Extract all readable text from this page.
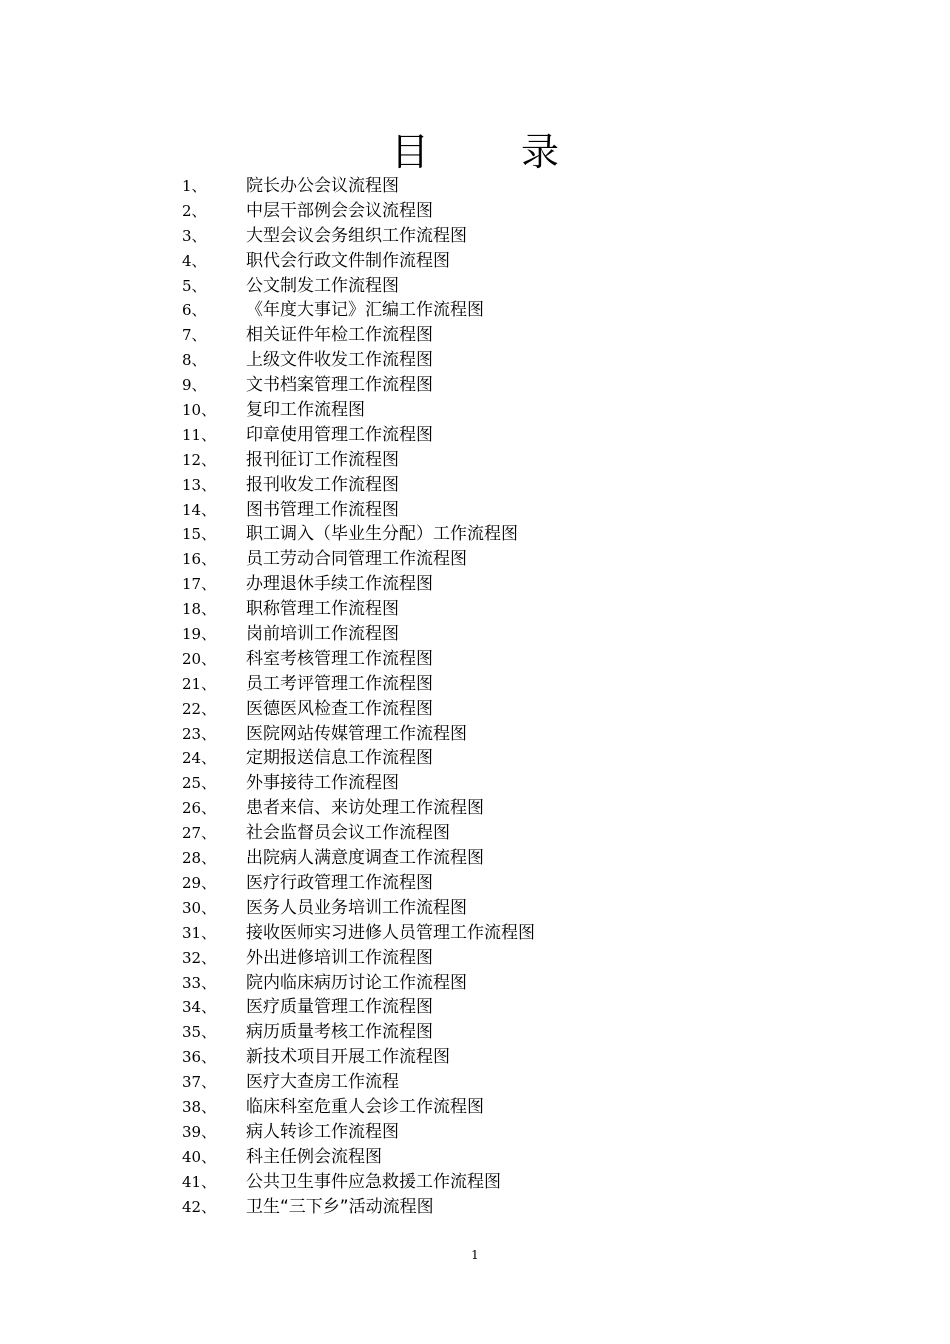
目 录
1、	院长办公会议流程图
2、	中层干部例会会议流程图
3、	大型会议会务组织工作流程图
4、	职代会行政文件制作流程图
5、	公文制发工作流程图
6、	《年度大事记》汇编工作流程图
7、	相关证件年检工作流程图
8、	上级文件收发工作流程图
9、	文书档案管理工作流程图
10、	复印工作流程图
11、	印章使用管理工作流程图
12、	报刊征订工作流程图
13、	报刊收发工作流程图
14、	图书管理工作流程图
15、	职工调入（毕业生分配）工作流程图
16、	员工劳动合同管理工作流程图
17、	办理退休手续工作流程图
18、	职称管理工作流程图
19、	岗前培训工作流程图
20、	科室考核管理工作流程图
21、	员工考评管理工作流程图
22、	医德医风检查工作流程图
23、	医院网站传媒管理工作流程图
24、	定期报送信息工作流程图
25、	外事接待工作流程图
26、	患者来信、来访处理工作流程图
27、	社会监督员会议工作流程图
28、	出院病人满意度调查工作流程图
29、	医疗行政管理工作流程图
30、	医务人员业务培训工作流程图
31、	接收医师实习进修人员管理工作流程图
32、	外出进修培训工作流程图
33、	院内临床病历讨论工作流程图
34、	医疗质量管理工作流程图
35、	病历质量考核工作流程图
36、	新技术项目开展工作流程图
37、	医疗大查房工作流程
38、	临床科室危重人会诊工作流程图
39、	病人转诊工作流程图
40、	科主任例会流程图
41、	公共卫生事件应急救援工作流程图
42、	卫生“三下乡”活动流程图
1
